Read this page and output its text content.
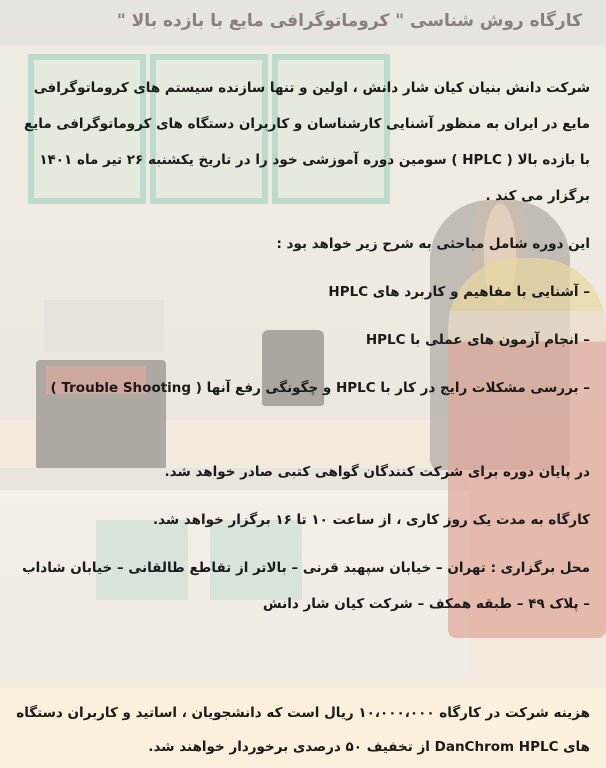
کارگاه روش شناسی " کروماتوگرافی مایع با بازده بالا "

شرکت دانش بنیان کیان شار دانش ، اولین و تنها سازنده سیستم های کروماتوگرافی مایع در ایران به منظور آشنایی کارشناسان و کاربران دستگاه های کروماتوگرافی مایع با بازده بالا ( HPLC ) سومین دوره آموزشی خود را در تاریخ یکشنبه ۲۶ تیر ماه ۱۴۰۱ برگزار می کند .

این دوره شامل مباحثی به شرح زیر خواهد بود :

– آشنایی با مفاهیم و کاربرد های HPLC

– انجام آزمون های عملی با HPLC

– بررسی مشکلات رایج در کار با HPLC و چگونگی رفع آنها ( Trouble Shooting )

در پایان دوره برای شرکت کنندگان گواهی کتبی صادر خواهد شد.

کارگاه به مدت یک روز کاری ، از ساعت ۱۰ تا ۱۶ برگزار خواهد شد.

محل برگزاری : تهران – خیابان سپهبد قرنی – بالاتر از تقاطع طالقانی – خیابان شاداب – پلاک ۴۹ – طبقه همکف – شرکت کیان شار دانش

هزینه شرکت در کارگاه ۱۰،۰۰۰،۰۰۰ ریال است که دانشجویان ، اساتید و کاربران دستگاه های DanChrom HPLC از تخفیف ۵۰ درصدی برخوردار خواهند شد.
